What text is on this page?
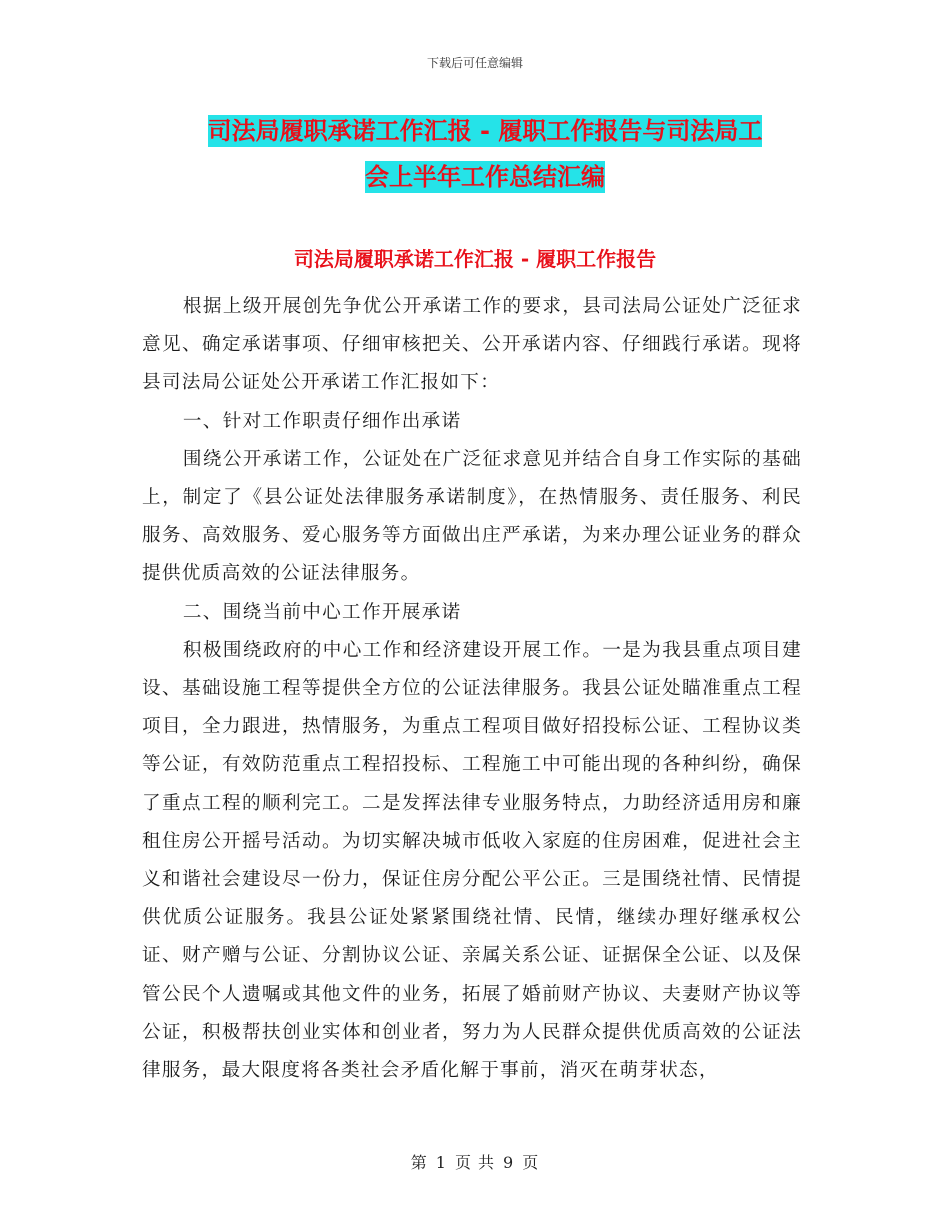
下载后可任意编辑
司法局履职承诺工作汇报 - 履职工作报告与司法局工
会上半年工作总结汇编
司法局履职承诺工作汇报 - 履职工作报告

根据上级开展创先争优公开承诺工作的要求，县司法局公证处广泛征求意见、确定承诺事项、仔细审核把关、公开承诺内容、仔细践行承诺。现将县司法局公证处公开承诺工作汇报如下：

一、针对工作职责仔细作出承诺

围绕公开承诺工作，公证处在广泛征求意见并结合自身工作实际的基础上，制定了《县公证处法律服务承诺制度》，在热情服务、责任服务、利民服务、高效服务、爱心服务等方面做出庄严承诺，为来办理公证业务的群众提供优质高效的公证法律服务。

二、围绕当前中心工作开展承诺

积极围绕政府的中心工作和经济建设开展工作。一是为我县重点项目建设、基础设施工程等提供全方位的公证法律服务。我县公证处瞄准重点工程项目，全力跟进，热情服务，为重点工程项目做好招投标公证、工程协议类等公证，有效防范重点工程招投标、工程施工中可能出现的各种纠纷，确保了重点工程的顺利完工。二是发挥法律专业服务特点，力助经济适用房和廉租住房公开摇号活动。为切实解决城市低收入家庭的住房困难，促进社会主义和谐社会建设尽一份力，保证住房分配公平公正。三是围绕社情、民情提供优质公证服务。我县公证处紧紧围绕社情、民情，继续办理好继承权公证、财产赠与公证、分割协议公证、亲属关系公证、证据保全公证、以及保管公民个人遗嘱或其他文件的业务，拓展了婚前财产协议、夫妻财产协议等公证，积极帮扶创业实体和创业者，努力为人民群众提供优质高效的公证法律服务，最大限度将各类社会矛盾化解于事前，消灭在萌芽状态，

第 1 页 共 9 页
